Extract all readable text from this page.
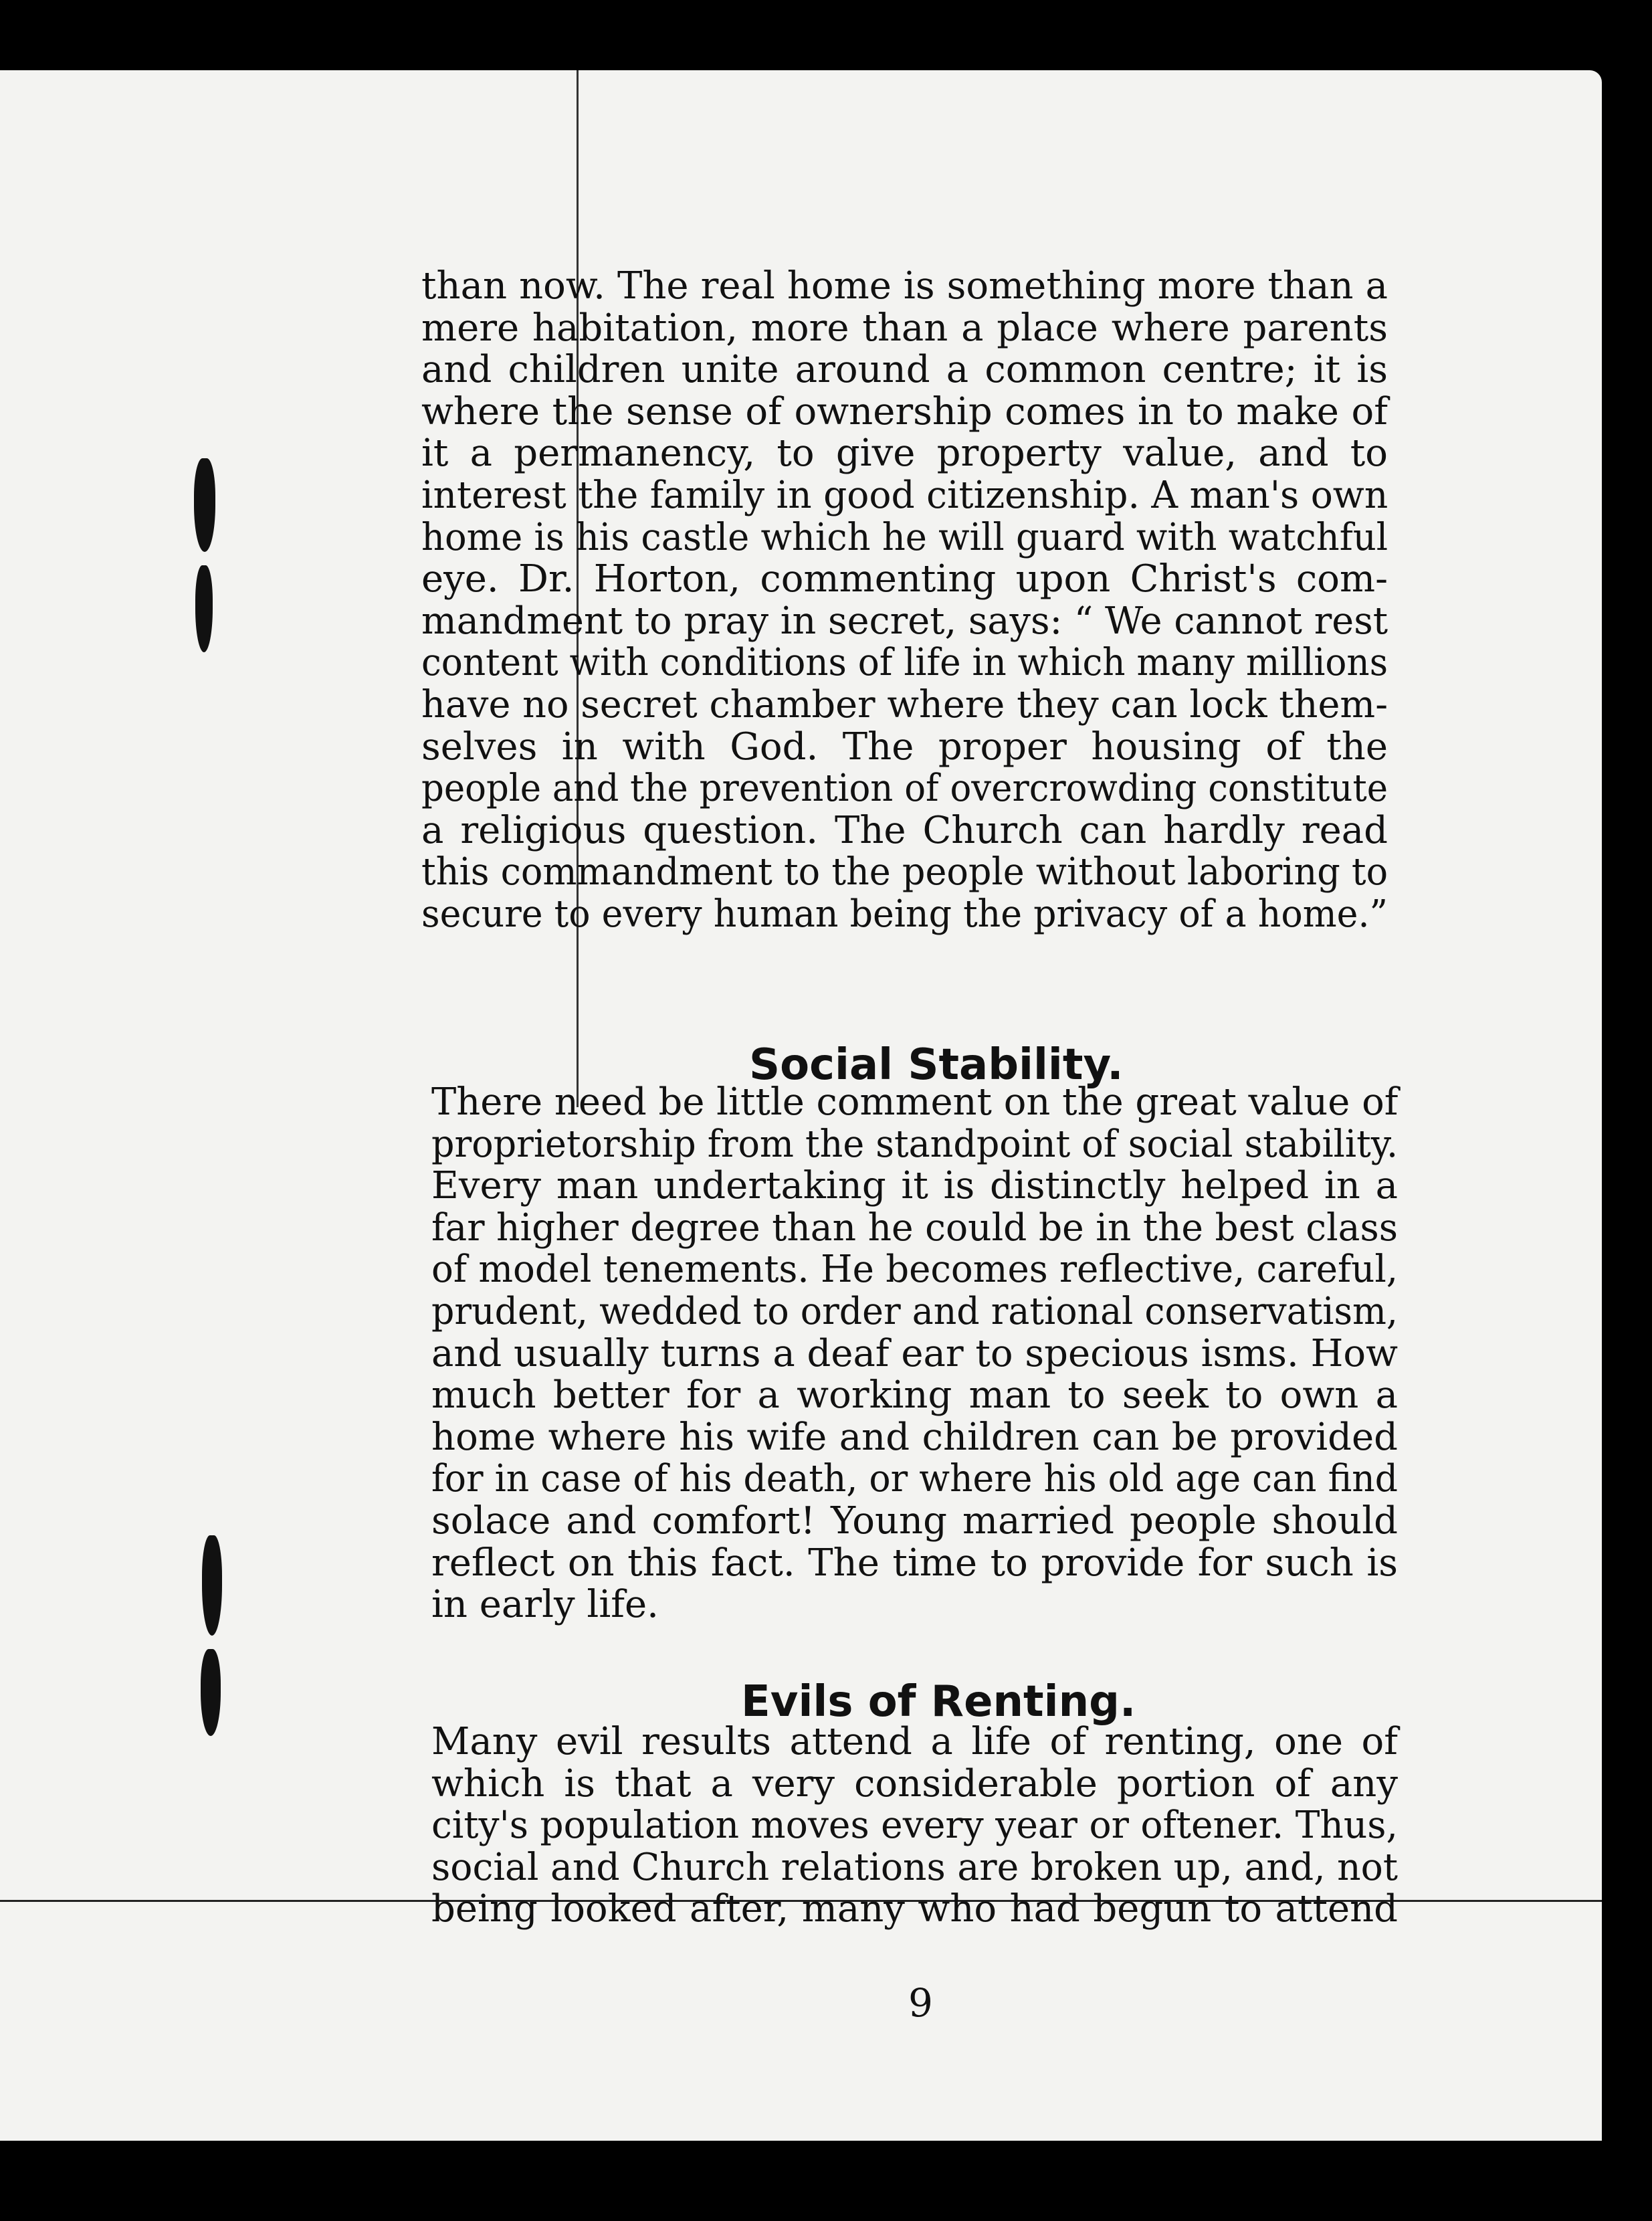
than now. The real home is something more than a
mere habitation, more than a place where parents
and children unite around a common centre; it is
where the sense of ownership comes in to make of
it a permanency, to give property value, and to
interest the family in good citizenship. A man's own
home is his castle which he will guard with watchful
eye. Dr. Horton, commenting upon Christ's com-
mandment to pray in secret, says: “ We cannot rest
content with conditions of life in which many millions
have no secret chamber where they can lock them-
selves in with God. The proper housing of the
people and the prevention of overcrowding constitute
a religious question. The Church can hardly read
this commandment to the people without laboring to
secure to every human being the privacy of a home.”

Social Stability.

There need be little comment on the great value of
proprietorship from the standpoint of social stability.
Every man undertaking it is distinctly helped in a
far higher degree than he could be in the best class
of model tenements. He becomes reflective, careful,
prudent, wedded to order and rational conservatism,
and usually turns a deaf ear to specious isms. How
much better for a working man to seek to own a
home where his wife and children can be provided
for in case of his death, or where his old age can find
solace and comfort! Young married people should
reflect on this fact. The time to provide for such is
in early life.

Evils of Renting.

Many evil results attend a life of renting, one of
which is that a very considerable portion of any
city's population moves every year or oftener. Thus,
social and Church relations are broken up, and, not
being looked after, many who had begun to attend

9
